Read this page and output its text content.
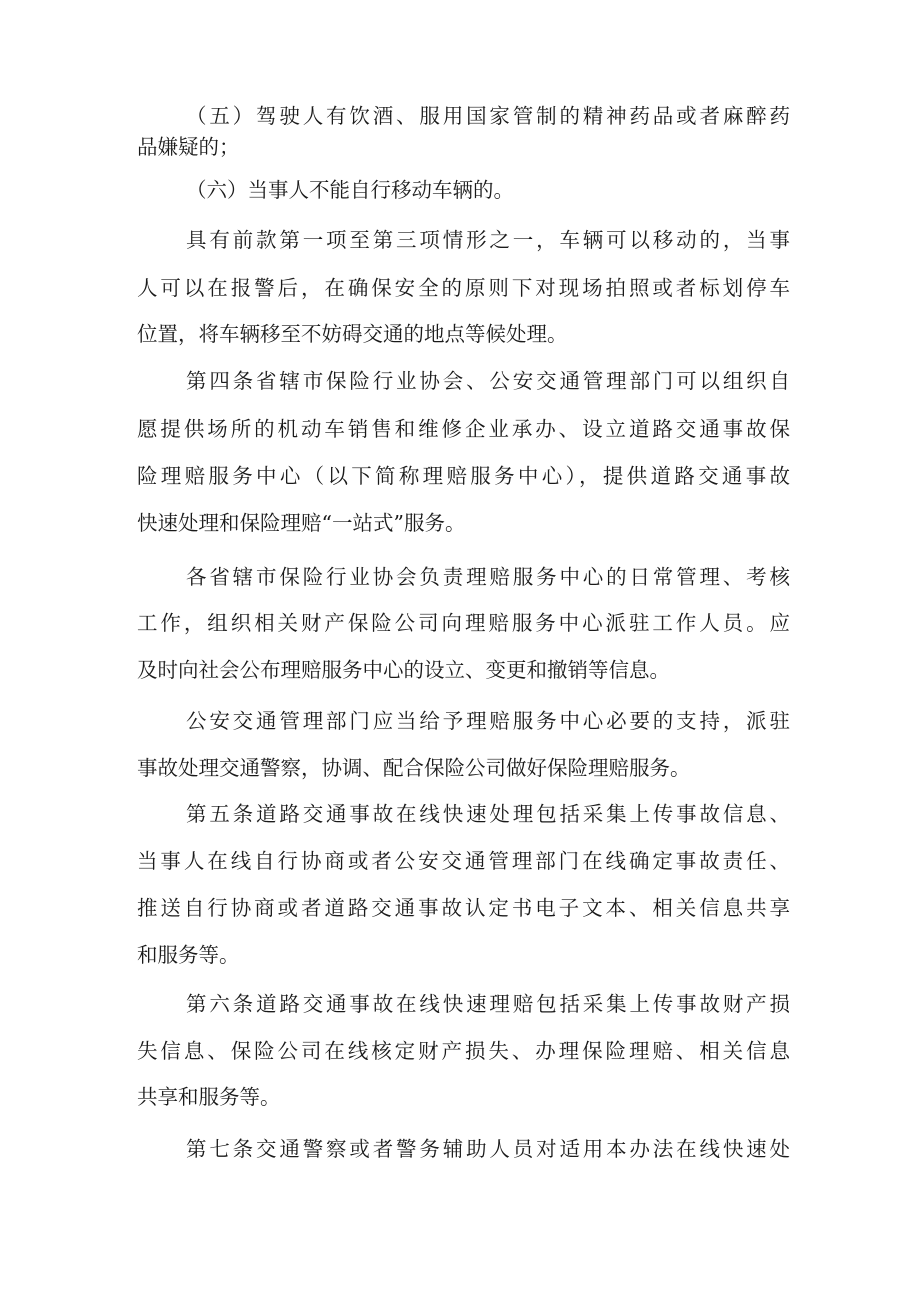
（五）驾驶人有饮酒、服用国家管制的精神药品或者麻醉药

品嫌疑的；

（六）当事人不能自行移动车辆的。

具有前款第一项至第三项情形之一，车辆可以移动的，当事

人可以在报警后，在确保安全的原则下对现场拍照或者标划停车

位置，将车辆移至不妨碍交通的地点等候处理。

第四条省辖市保险行业协会、公安交通管理部门可以组织自

愿提供场所的机动车销售和维修企业承办、设立道路交通事故保

险理赔服务中心（以下简称理赔服务中心），提供道路交通事故

快速处理和保险理赔“一站式”服务。

各省辖市保险行业协会负责理赔服务中心的日常管理、考核

工作，组织相关财产保险公司向理赔服务中心派驻工作人员。应

及时向社会公布理赔服务中心的设立、变更和撤销等信息。

公安交通管理部门应当给予理赔服务中心必要的支持，派驻

事故处理交通警察，协调、配合保险公司做好保险理赔服务。

第五条道路交通事故在线快速处理包括采集上传事故信息、

当事人在线自行协商或者公安交通管理部门在线确定事故责任、

推送自行协商或者道路交通事故认定书电子文本、相关信息共享

和服务等。

第六条道路交通事故在线快速理赔包括采集上传事故财产损

失信息、保险公司在线核定财产损失、办理保险理赔、相关信息

共享和服务等。

第七条交通警察或者警务辅助人员对适用本办法在线快速处
